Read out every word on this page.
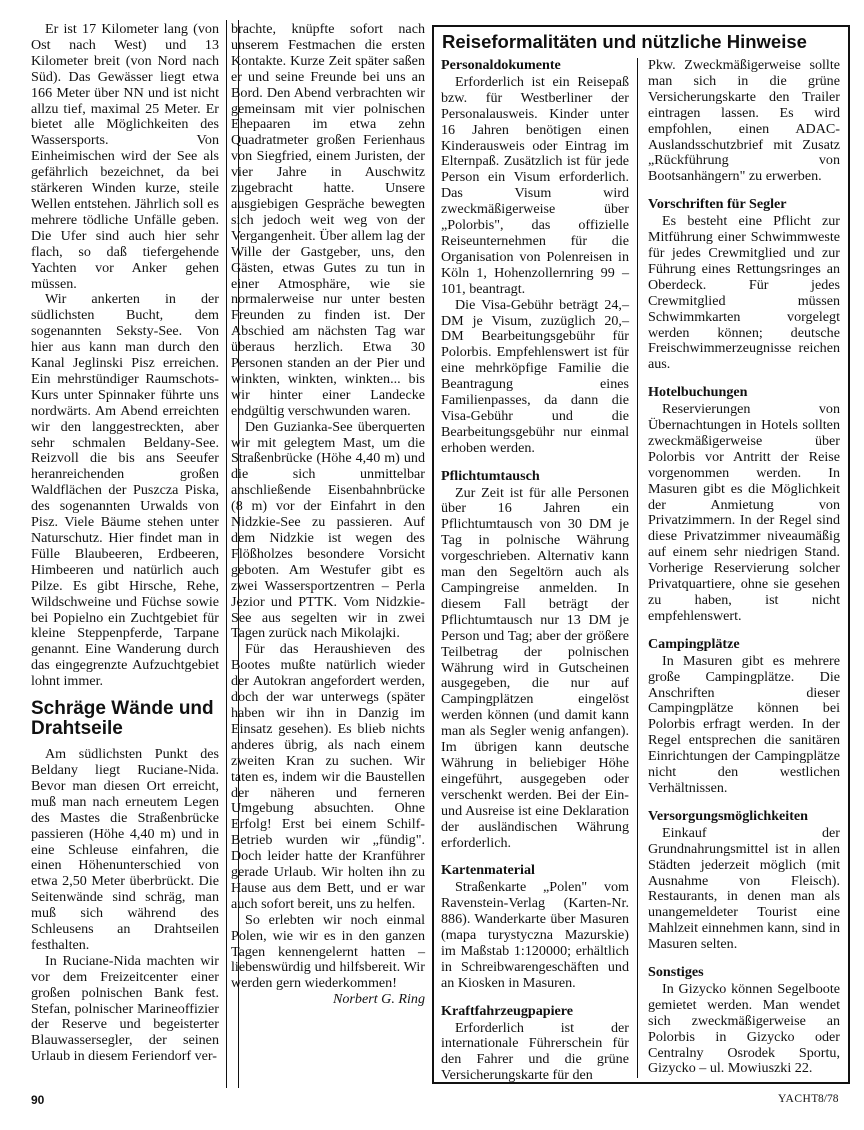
Er ist 17 Kilometer lang (von Ost nach West) und 13 Kilometer breit (von Nord nach Süd). Das Gewässer liegt etwa 166 Meter über NN und ist nicht allzu tief, maximal 25 Meter. Er bietet alle Möglichkeiten des Wassersports. Von Einheimischen wird der See als gefährlich bezeichnet, da bei stärkeren Winden kurze, steile Wellen entstehen. Jährlich soll es mehrere tödliche Unfälle geben. Die Ufer sind auch hier sehr flach, so daß tiefergehende Yachten vor Anker gehen müssen.

Wir ankerten in der südlichsten Bucht, dem sogenannten Seksty-See. Von hier aus kann man durch den Kanal Jeglinski Pisz erreichen. Ein mehrstündiger Raumschots-Kurs unter Spinnaker führte uns nordwärts. Am Abend erreichten wir den langgestreckten, aber sehr schmalen Beldany-See. Reizvoll die bis ans Seeufer heranreichenden großen Waldflächen der Puszcza Piska, des sogenannten Urwalds von Pisz. Viele Bäume stehen unter Naturschutz. Hier findet man in Fülle Blaubeeren, Erdbeeren, Himbeeren und natürlich auch Pilze. Es gibt Hirsche, Rehe, Wildschweine und Füchse sowie bei Popielno ein Zuchtgebiet für kleine Steppenpferde, Tarpane genannt. Eine Wanderung durch das eingegrenzte Aufzuchtgebiet lohnt immer.

Schräge Wände und Drahtseile

Am südlichsten Punkt des Beldany liegt Ruciane-Nida. Bevor man diesen Ort erreicht, muß man nach erneutem Legen des Mastes die Straßenbrücke passieren (Höhe 4,40 m) und in eine Schleuse einfahren, die einen Höhenunterschied von etwa 2,50 Meter überbrückt. Die Seitenwände sind schräg, man muß sich während des Schleusens an Drahtseilen festhalten.

In Ruciane-Nida machten wir vor dem Freizeitcenter einer großen polnischen Bank fest. Stefan, polnischer Marineoffizier der Reserve und begeisterter Blauwassersegler, der seinen Urlaub in diesem Feriendorf ver-

brachte, knüpfte sofort nach unserem Festmachen die ersten Kontakte. Kurze Zeit später saßen er und seine Freunde bei uns an Bord. Den Abend verbrachten wir gemeinsam mit vier polnischen Ehepaaren im etwa zehn Quadratmeter großen Ferienhaus von Siegfried, einem Juristen, der vier Jahre in Auschwitz zugebracht hatte. Unsere ausgiebigen Gespräche bewegten sich jedoch weit weg von der Vergangenheit. Über allem lag der Wille der Gastgeber, uns, den Gästen, etwas Gutes zu tun in einer Atmosphäre, wie sie normalerweise nur unter besten Freunden zu finden ist. Der Abschied am nächsten Tag war überaus herzlich. Etwa 30 Personen standen an der Pier und winkten, winkten, winkten... bis wir hinter einer Landecke endgültig verschwunden waren.

Den Guzianka-See überquerten wir mit gelegtem Mast, um die Straßenbrücke (Höhe 4,40 m) und die sich unmittelbar anschließende Eisenbahnbrücke (8 m) vor der Einfahrt in den Nidzkie-See zu passieren. Auf dem Nidzkie ist wegen des Flößholzes besondere Vorsicht geboten. Am Westufer gibt es zwei Wassersportzentren – Perla Jezior und PTTK. Vom Nidzkie-See aus segelten wir in zwei Tagen zurück nach Mikolajki.

Für das Heraushieven des Bootes mußte natürlich wieder der Autokran angefordert werden, doch der war unterwegs (später haben wir ihn in Danzig im Einsatz gesehen). Es blieb nichts anderes übrig, als nach einem zweiten Kran zu suchen. Wir taten es, indem wir die Baustellen der näheren und ferneren Umgebung absuchten. Ohne Erfolg! Erst bei einem Schilf-Betrieb wurden wir „fündig". Doch leider hatte der Kranführer gerade Urlaub. Wir holten ihn zu Hause aus dem Bett, und er war auch sofort bereit, uns zu helfen.

So erlebten wir noch einmal Polen, wie wir es in den ganzen Tagen kennengelernt hatten – liebenswürdig und hilfsbereit. Wir werden gern wiederkommen!

Norbert G. Ring

Reiseformalitäten und nützliche Hinweise

Personaldokumente

Erforderlich ist ein Reisepaß bzw. für Westberliner der Personalausweis. Kinder unter 16 Jahren benötigen einen Kinderausweis oder Eintrag im Elternpaß. Zusätzlich ist für jede Person ein Visum erforderlich. Das Visum wird zweckmäßigerweise über „Polorbis", das offizielle Reiseunternehmen für die Organisation von Polenreisen in Köln 1, Hohenzollernring 99 – 101, beantragt.

Die Visa-Gebühr beträgt 24,– DM je Visum, zuzüglich 20,– DM Bearbeitungsgebühr für Polorbis. Empfehlenswert ist für eine mehrköpfige Familie die Beantragung eines Familienpasses, da dann die Visa-Gebühr und die Bearbeitungsgebühr nur einmal erhoben werden.

Pflichtumtausch

Zur Zeit ist für alle Personen über 16 Jahren ein Pflichtumtausch von 30 DM je Tag in polnische Währung vorgeschrieben. Alternativ kann man den Segeltörn auch als Campingreise anmelden. In diesem Fall beträgt der Pflichtumtausch nur 13 DM je Person und Tag; aber der größere Teilbetrag der polnischen Währung wird in Gutscheinen ausgegeben, die nur auf Campingplätzen eingelöst werden können (und damit kann man als Segler wenig anfangen). Im übrigen kann deutsche Währung in beliebiger Höhe eingeführt, ausgegeben oder verschenkt werden. Bei der Ein- und Ausreise ist eine Deklaration der ausländischen Währung erforderlich.

Kartenmaterial

Straßenkarte „Polen" vom Ravenstein-Verlag (Karten-Nr. 886). Wanderkarte über Masuren (mapa turystyczna Mazurskie) im Maßstab 1:120000; erhältlich in Schreibwarengeschäften und an Kiosken in Masuren.

Kraftfahrzeugpapiere

Erforderlich ist der internationale Führerschein für den Fahrer und die grüne Versicherungskarte für den

Pkw. Zweckmäßigerweise sollte man sich in die grüne Versicherungskarte den Trailer eintragen lassen. Es wird empfohlen, einen ADAC-Auslandsschutzbrief mit Zusatz „Rückführung von Bootsanhängern" zu erwerben.

Vorschriften für Segler

Es besteht eine Pflicht zur Mitführung einer Schwimmweste für jedes Crewmitglied und zur Führung eines Rettungsringes an Oberdeck. Für jedes Crewmitglied müssen Schwimmkarten vorgelegt werden können; deutsche Freischwimmerzeugnisse reichen aus.

Hotelbuchungen

Reservierungen von Übernachtungen in Hotels sollten zweckmäßigerweise über Polorbis vor Antritt der Reise vorgenommen werden. In Masuren gibt es die Möglichkeit der Anmietung von Privatzimmern. In der Regel sind diese Privatzimmer niveaumäßig auf einem sehr niedrigen Stand. Vorherige Reservierung solcher Privatquartiere, ohne sie gesehen zu haben, ist nicht empfehlenswert.

Campingplätze

In Masuren gibt es mehrere große Campingplätze. Die Anschriften dieser Campingplätze können bei Polorbis erfragt werden. In der Regel entsprechen die sanitären Einrichtungen der Campingplätze nicht den westlichen Verhältnissen.

Versorgungsmöglichkeiten

Einkauf der Grundnahrungsmittel ist in allen Städten jederzeit möglich (mit Ausnahme von Fleisch). Restaurants, in denen man als unangemeldeter Tourist eine Mahlzeit einnehmen kann, sind in Masuren selten.

Sonstiges

In Gizycko können Segelboote gemietet werden. Man wendet sich zweckmäßigerweise an Polorbis in Gizycko oder Centralny Osrodek Sportu, Gizycko – ul. Mowiuszki 22.

90	YACHT 8/78
